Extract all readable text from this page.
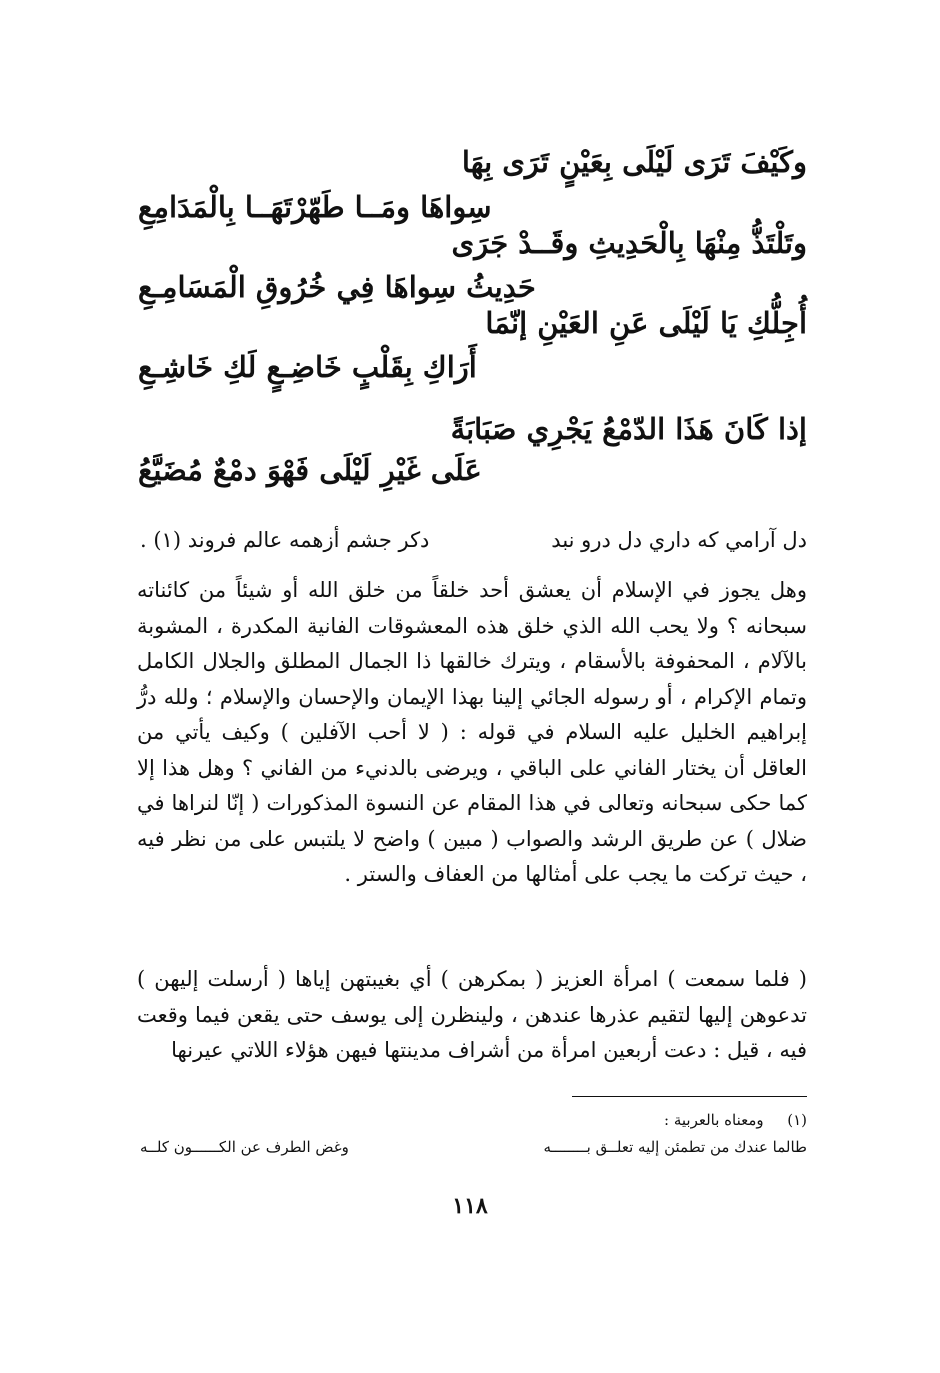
وكَيْفَ تَرَى لَيْلَى بِعَيْنٍ تَرَى بِهَا
سِواهَا ومَــا طَهّرْتَهَــا بِالْمَدَامِعِ
وتَلْتَذُّ مِنْهَا بِالْحَدِيثِ وقَــدْ جَرَى
حَدِيثُ سِواهَا فِي خُرُوقِ الْمَسَامِـعِ
أُجِلُّكِ يَا لَيْلَى عَنِ العَيْنِ إنّمَا
أَرَاكِ بِقَلْبٍ خَاضِـعٍ لَكِ خَاشِـعِ
إذا كَانَ هَذَا الدّمْعُ يَجْرِي صَبَابَةً
عَلَى غَيْرِ لَيْلَى فَهْوَ دمْعٌ مُضَيَّعُ
دل آرامي كه داري دل درو نبد
دكر جشم أزهمه عالم فروند (١) .

وهل يجوز في الإسلام أن يعشق أحد خلقاً من خلق الله أو شيئاً من كائناته سبحانه ؟ ولا يحب الله الذي خلق هذه المعشوقات الفانية المكدرة ، المشوبة بالآلام ، المحفوفة بالأسقام ، ويترك خالقها ذا الجمال المطلق والجلال الكامل وتمام الإكرام ، أو رسوله الجائي إلينا بهذا الإيمان والإحسان والإسلام ؛ ولله درُّ إبراهيم الخليل عليه السلام في قوله : ( لا أحب الآفلين ) وكيف يأتي من العاقل أن يختار الفاني على الباقي ، ويرضى بالدنيء من الفاني ؟ وهل هذا إلا كما حكى سبحانه وتعالى في هذا المقام عن النسوة المذكورات ( إنّا لنراها في ضلال ) عن طريق الرشد والصواب ( مبين ) واضح لا يلتبس على من نظر فيه ، حيث تركت ما يجب على أمثالها من العفاف والستر .

( فلما سمعت ) امرأة العزيز ( بمكرهن ) أي بغيبتهن إياها ( أرسلت إليهن ) تدعوهن إليها لتقيم عذرها عندهن ، ولينظرن إلى يوسف حتى يقعن فيما وقعت فيه ، قيل : دعت أربعين امرأة من أشراف مدينتها فيهن هؤلاء اللاتي عيرنها

(١)  ومعناه بالعربية :
طالما عندك من تطمئن إليه تعلــق بــــــــه
وغض الطرف عن الكــــــون كلــه
١١٨
